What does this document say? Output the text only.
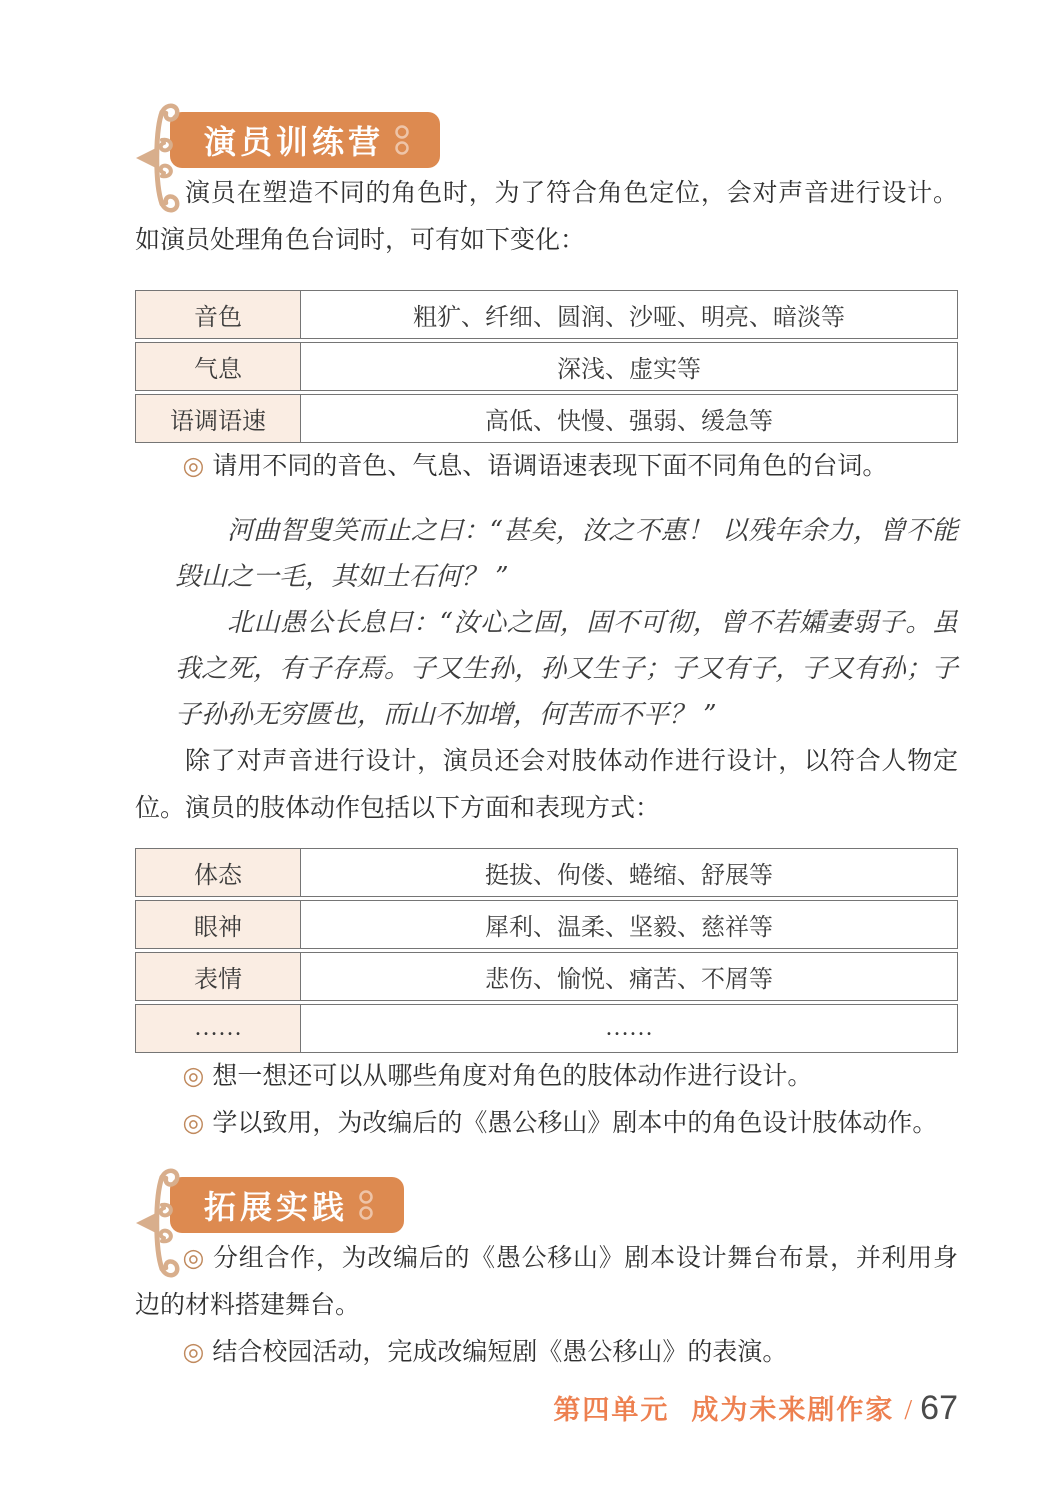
演员训练营

演员在塑造不同的角色时，为了符合角色定位，会对声音进行设计。如演员处理角色台词时，可有如下变化：

音色	粗犷、纤细、圆润、沙哑、明亮、暗淡等
气息	深浅、虚实等
语调语速	高低、快慢、强弱、缓急等

◎ 请用不同的音色、气息、语调语速表现下面不同角色的台词。

河曲智叟笑而止之曰：“甚矣，汝之不惠！ 以残年余力，曾不能毁山之一毛，其如土石何？ ”

北山愚公长息曰：“汝心之固，固不可彻，曾不若孀妻弱子。虽我之死，有子存焉。子又生孙，孙又生子；子又有子，子又有孙；子子孙孙无穷匮也，而山不加增，何苦而不平？ ”

除了对声音进行设计，演员还会对肢体动作进行设计，以符合人物定位。演员的肢体动作包括以下方面和表现方式：

体态	挺拔、佝偻、蜷缩、舒展等
眼神	犀利、温柔、坚毅、慈祥等
表情	悲伤、愉悦、痛苦、不屑等
……	……

◎ 想一想还可以从哪些角度对角色的肢体动作进行设计。

◎ 学以致用，为改编后的《愚公移山》剧本中的角色设计肢体动作。

拓展实践

◎ 分组合作，为改编后的《愚公移山》剧本设计舞台布景，并利用身边的材料搭建舞台。

◎ 结合校园活动，完成改编短剧《愚公移山》的表演。

第四单元 成为未来剧作家 / 67
